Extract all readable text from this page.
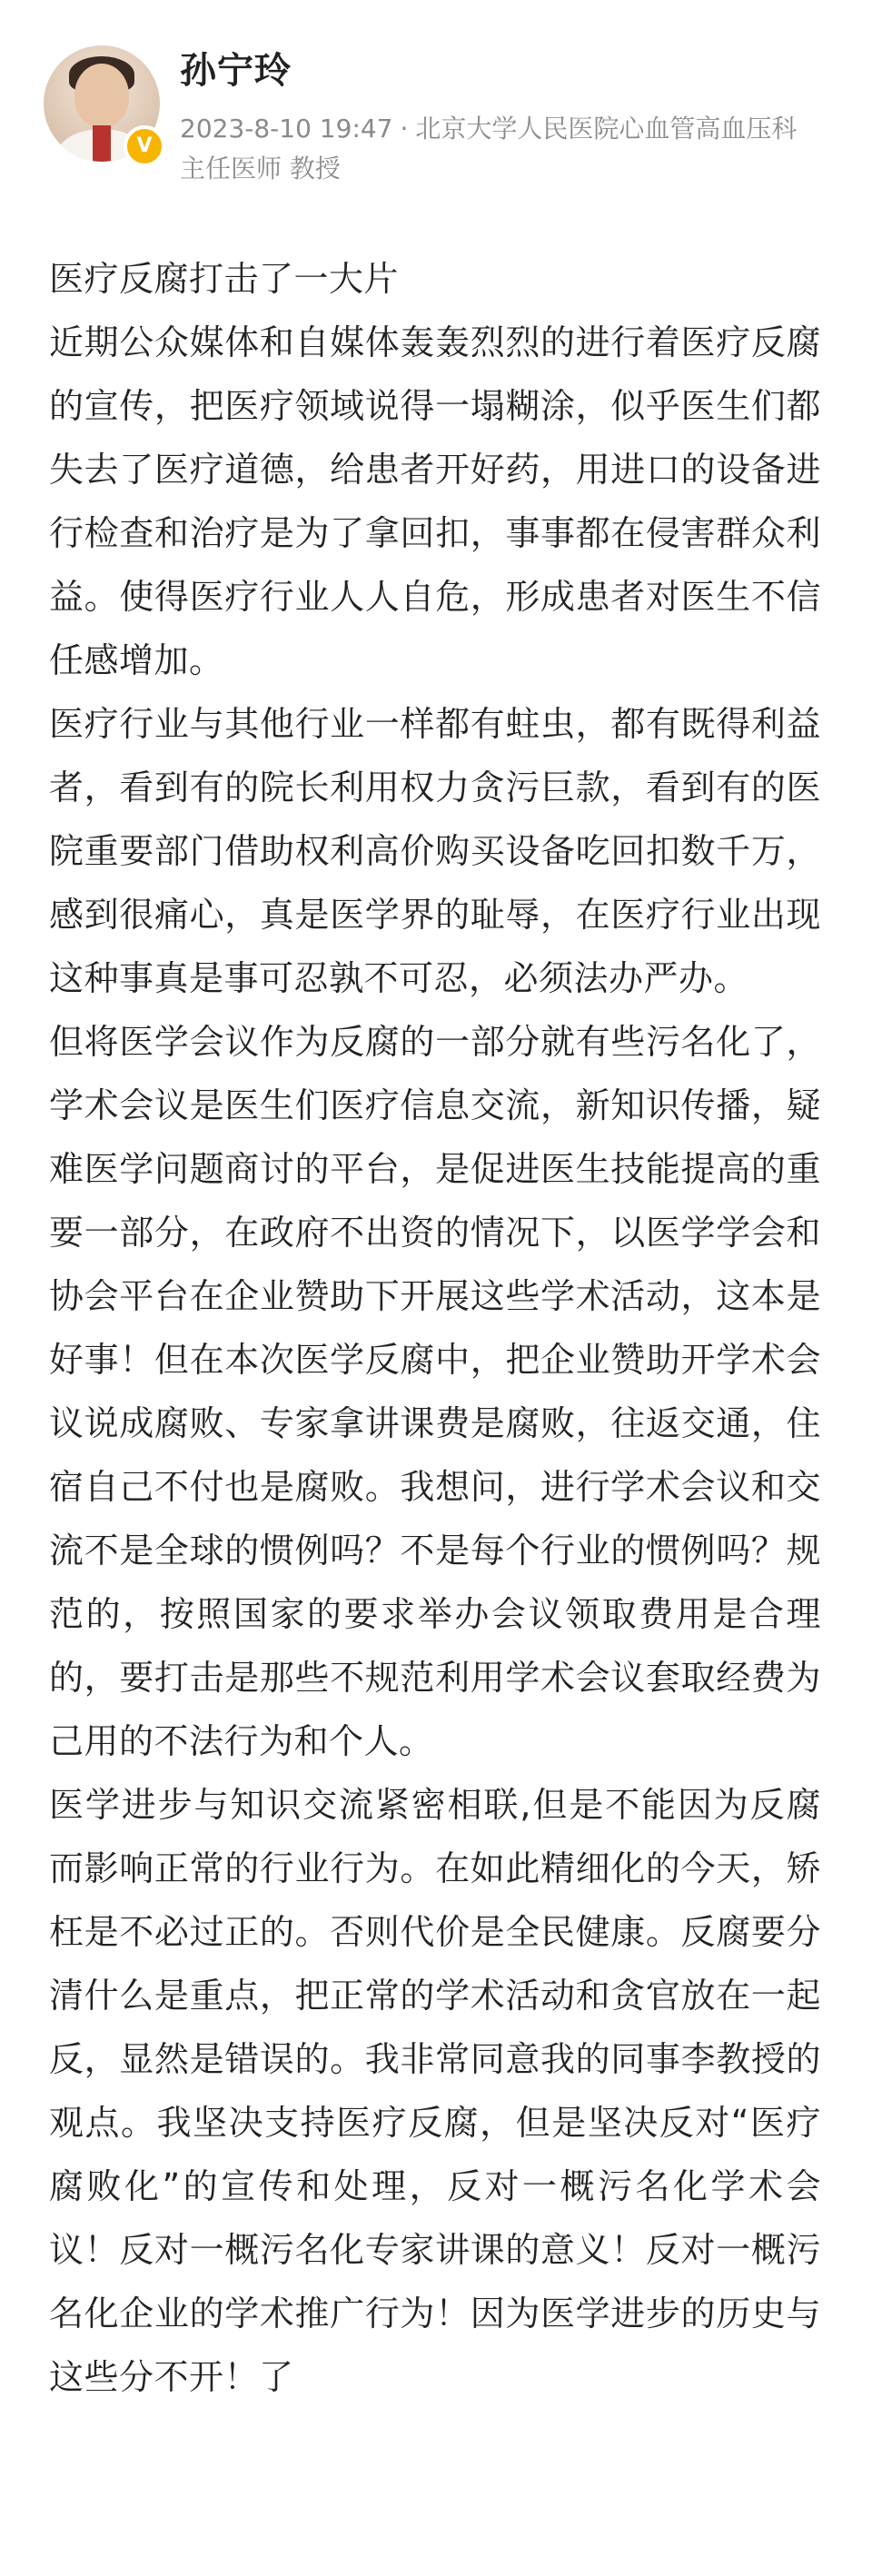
V
孙宁玲
2023-8-10 19:47 · 北京大学人民医院心血管高血压科主任医师 教授

医疗反腐打击了一大片

近期公众媒体和自媒体轰轰烈烈的进行着医疗反腐的宣传，把医疗领域说得一塌糊涂，似乎医生们都失去了医疗道德，给患者开好药，用进口的设备进行检查和治疗是为了拿回扣，事事都在侵害群众利益。使得医疗行业人人自危，形成患者对医生不信任感增加。

医疗行业与其他行业一样都有蛀虫，都有既得利益者，看到有的院长利用权力贪污巨款，看到有的医院重要部门借助权利高价购买设备吃回扣数千万，感到很痛心，真是医学界的耻辱，在医疗行业出现这种事真是事可忍孰不可忍，必须法办严办。

但将医学会议作为反腐的一部分就有些污名化了，学术会议是医生们医疗信息交流，新知识传播，疑难医学问题商讨的平台，是促进医生技能提高的重要一部分，在政府不出资的情况下，以医学学会和协会平台在企业赞助下开展这些学术活动，这本是好事！但在本次医学反腐中，把企业赞助开学术会议说成腐败、专家拿讲课费是腐败，往返交通，住宿自己不付也是腐败。我想问，进行学术会议和交流不是全球的惯例吗？不是每个行业的惯例吗？规范的，按照国家的要求举办会议领取费用是合理的，要打击是那些不规范利用学术会议套取经费为己用的不法行为和个人。

医学进步与知识交流紧密相联,但是不能因为反腐而影响正常的行业行为。在如此精细化的今天，矫枉是不必过正的。否则代价是全民健康。反腐要分清什么是重点，把正常的学术活动和贪官放在一起反，显然是错误的。我非常同意我的同事李教授的观点。我坚决支持医疗反腐，但是坚决反对“医疗腐败化”的宣传和处理，反对一概污名化学术会议！反对一概污名化专家讲课的意义！反对一概污名化企业的学术推广行为！因为医学进步的历史与这些分不开！了
